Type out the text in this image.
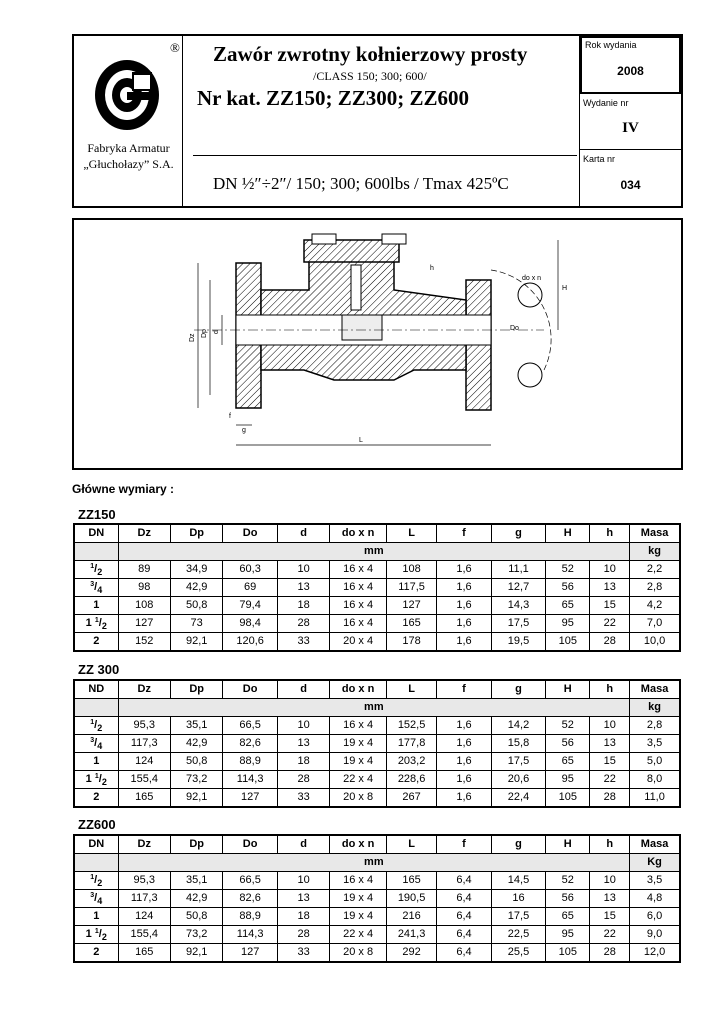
®
Fabryka Armatur
„Głuchołazy” S.A.
Zawór zwrotny kołnierzowy prosty
/CLASS 150; 300; 600/
Nr kat. ZZ150; ZZ300; ZZ600
DN ½″÷2″/ 150; 300; 600lbs / Tmax 425ºC
Rok wydania
2008
Wydanie nr
IV
Karta nr
034
Dz Dp d
Do
do x n
h
H
L
f
g
Główne wymiary :
ZZ150
DN	Dz	Dp	Do	d	do x n	L	f	g	H	h	Masa
	mm										kg
$^1/_2$	89	34,9	60,3	10	16 x 4	108	1,6	11,1	52	10	2,2
$^3/_4$	98	42,9	69	13	16 x 4	117,5	1,6	12,7	56	13	2,8
1	108	50,8	79,4	18	16 x 4	127	1,6	14,3	65	15	4,2
1 $^1/_2$	127	73	98,4	28	16 x 4	165	1,6	17,5	95	22	7,0
2	152	92,1	120,6	33	20 x 4	178	1,6	19,5	105	28	10,0
ZZ 300
ND	Dz	Dp	Do	d	do x n	L	f	g	H	h	Masa
	mm										kg
$^1/_2$	95,3	35,1	66,5	10	16 x 4	152,5	1,6	14,2	52	10	2,8
$^3/_4$	117,3	42,9	82,6	13	19 x 4	177,8	1,6	15,8	56	13	3,5
1	124	50,8	88,9	18	19 x 4	203,2	1,6	17,5	65	15	5,0
1 $^1/_2$	155,4	73,2	114,3	28	22 x 4	228,6	1,6	20,6	95	22	8,0
2	165	92,1	127	33	20 x 8	267	1,6	22,4	105	28	11,0
ZZ600
DN	Dz	Dp	Do	d	do x n	L	f	g	H	h	Masa
	mm										Kg
$^1/_2$	95,3	35,1	66,5	10	16 x 4	165	6,4	14,5	52	10	3,5
$^3/_4$	117,3	42,9	82,6	13	19 x 4	190,5	6,4	16	56	13	4,8
1	124	50,8	88,9	18	19 x 4	216	6,4	17,5	65	15	6,0
1 $^1/_2$	155,4	73,2	114,3	28	22 x 4	241,3	6,4	22,5	95	22	9,0
2	165	92,1	127	33	20 x 8	292	6,4	25,5	105	28	12,0
